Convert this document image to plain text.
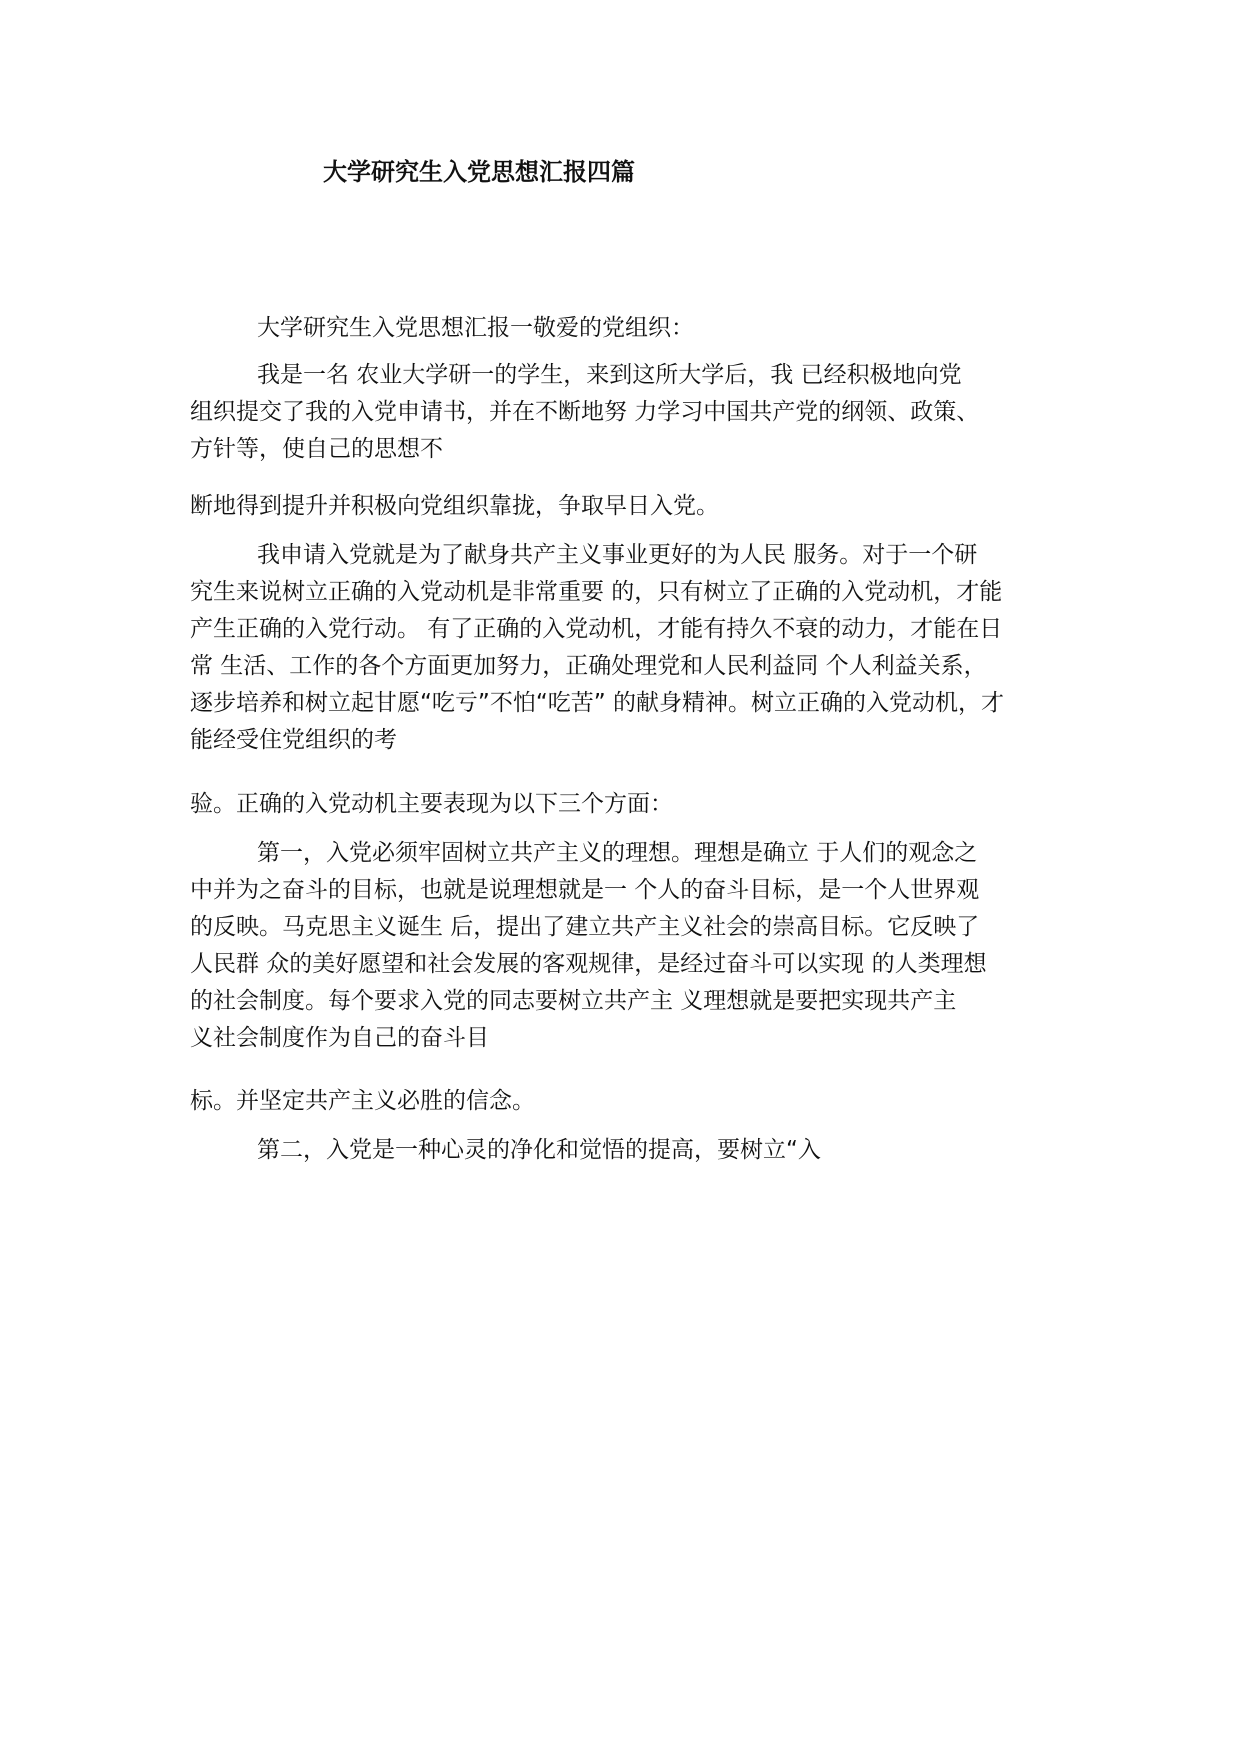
大学研究生入党思想汇报四篇
大学研究生入党思想汇报一敬爱的党组织：
我是一名 农业大学研一的学生，来到这所大学后，我 已经积极地向党
组织提交了我的入党申请书，并在不断地努 力学习中国共产党的纲领、政策、
方针等，使自己的思想不
断地得到提升并积极向党组织靠拢，争取早日入党。
我申请入党就是为了献身共产主义事业更好的为人民 服务。对于一个研
究生来说树立正确的入党动机是非常重要 的，只有树立了正确的入党动机，才能
产生正确的入党行动。 有了正确的入党动机，才能有持久不衰的动力，才能在日
常 生活、工作的各个方面更加努力，正确处理党和人民利益同 个人利益关系，
逐步培养和树立起甘愿“吃亏”不怕“吃苦” 的献身精神。树立正确的入党动机，才
能经受住党组织的考
验。正确的入党动机主要表现为以下三个方面：
第一，入党必须牢固树立共产主义的理想。理想是确立 于人们的观念之
中并为之奋斗的目标，也就是说理想就是一 个人的奋斗目标，是一个人世界观
的反映。马克思主义诞生 后，提出了建立共产主义社会的崇高目标。它反映了
人民群 众的美好愿望和社会发展的客观规律，是经过奋斗可以实现 的人类理想
的社会制度。每个要求入党的同志要树立共产主 义理想就是要把实现共产主
义社会制度作为自己的奋斗目
标。并坚定共产主义必胜的信念。
第二，入党是一种心灵的净化和觉悟的提高，要树立“入
